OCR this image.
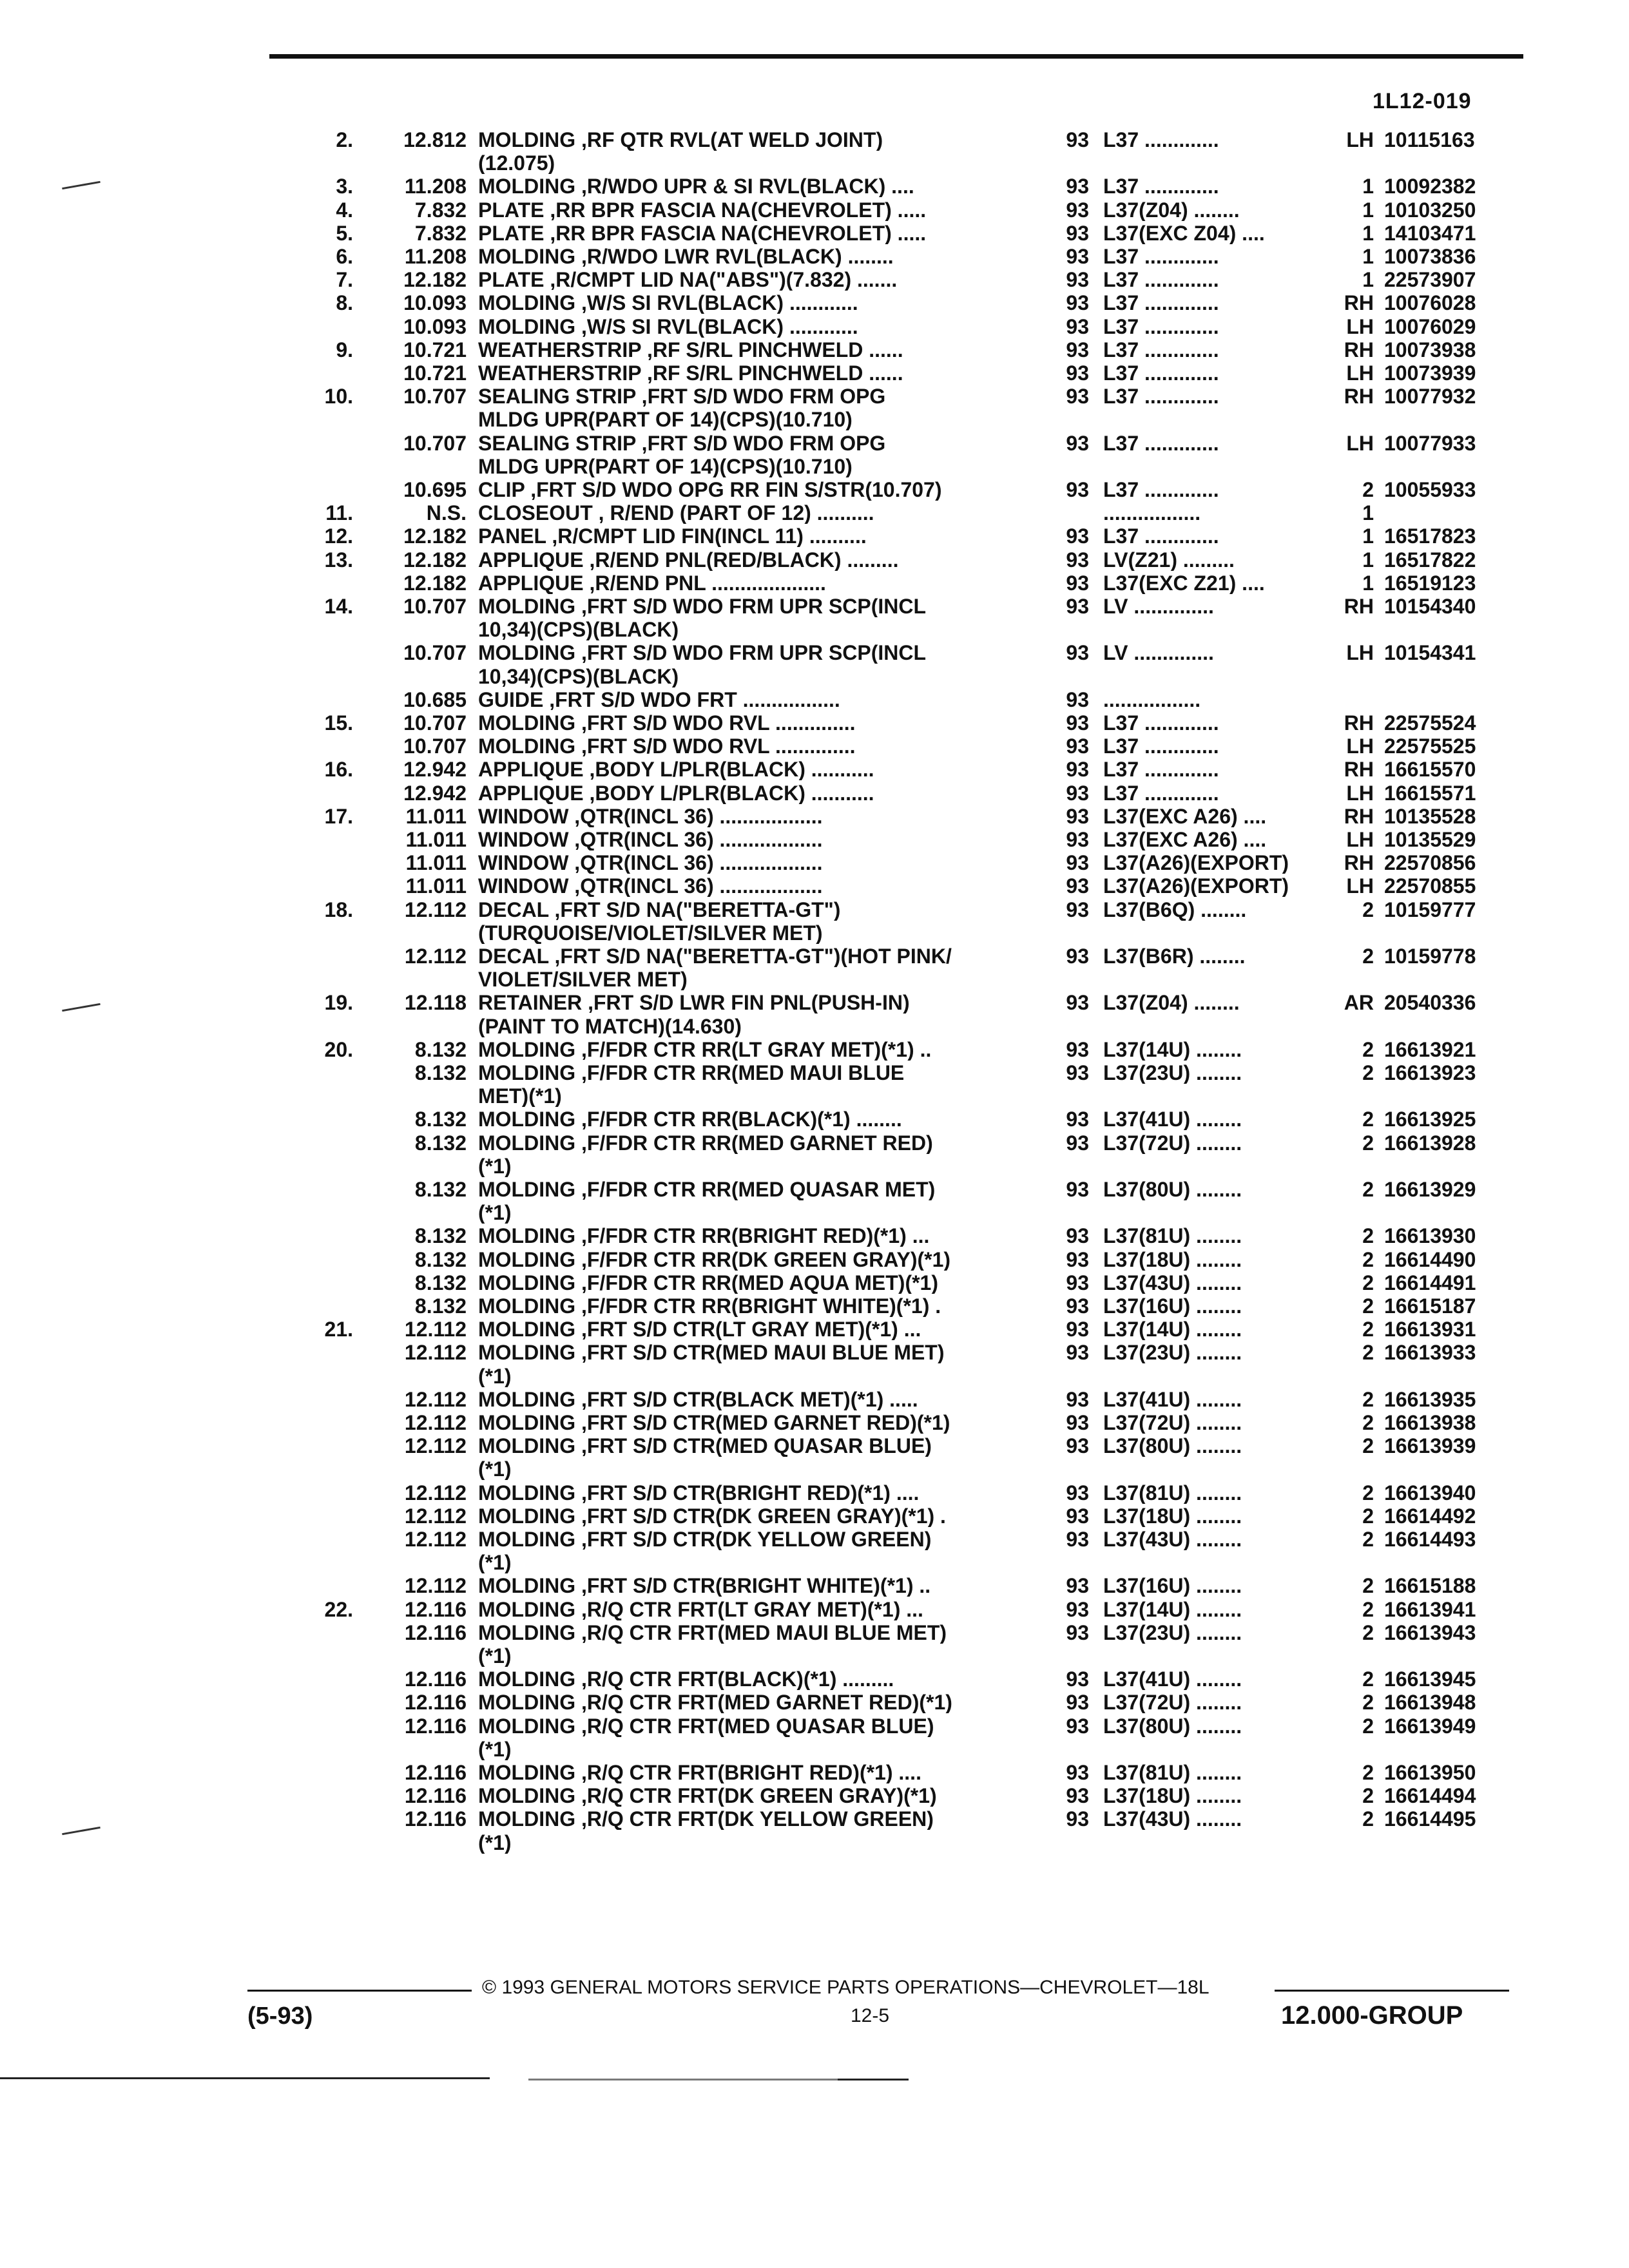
1L12-019
2.	12.812 MOLDING ,RF QTR RVL(AT WELD JOINT)	93 L37 .............	LH 10115163
(12.075)
3.	11.208 MOLDING ,R/WDO UPR & SI RVL(BLACK) ....	93 L37 .............	1 10092382
4.	7.832 PLATE ,RR BPR FASCIA NA(CHEVROLET) .....	93 L37(Z04) ........	1 10103250
5.	7.832 PLATE ,RR BPR FASCIA NA(CHEVROLET) .....	93 L37(EXC Z04) ....	1 14103471
6.	11.208 MOLDING ,R/WDO LWR RVL(BLACK) ........	93 L37 .............	1 10073836
7.	12.182 PLATE ,R/CMPT LID NA("ABS")(7.832) .......	93 L37 .............	1 22573907
8.	10.093 MOLDING ,W/S SI RVL(BLACK) ............	93 L37 .............	RH 10076028
10.093 MOLDING ,W/S SI RVL(BLACK) ............	93 L37 .............	LH 10076029
9.	10.721 WEATHERSTRIP ,RF S/RL PINCHWELD ......	93 L37 .............	RH 10073938
10.721 WEATHERSTRIP ,RF S/RL PINCHWELD ......	93 L37 .............	LH 10073939
10.	10.707 SEALING STRIP ,FRT S/D WDO FRM OPG	93 L37 .............	RH 10077932
MLDG UPR(PART OF 14)(CPS)(10.710)
10.707 SEALING STRIP ,FRT S/D WDO FRM OPG	93 L37 .............	LH 10077933
MLDG UPR(PART OF 14)(CPS)(10.710)
10.695 CLIP ,FRT S/D WDO OPG RR FIN S/STR(10.707)	93 L37 .............	2 10055933
11.	N.S. CLOSEOUT , R/END (PART OF 12) ..........	.................	1
12.	12.182 PANEL ,R/CMPT LID FIN(INCL 11) ..........	93 L37 .............	1 16517823
13.	12.182 APPLIQUE ,R/END PNL(RED/BLACK) .........	93 LV(Z21) .........	1 16517822
12.182 APPLIQUE ,R/END PNL ....................	93 L37(EXC Z21) ....	1 16519123
14.	10.707 MOLDING ,FRT S/D WDO FRM UPR SCP(INCL	93 LV ..............	RH 10154340
10,34)(CPS)(BLACK)
10.707 MOLDING ,FRT S/D WDO FRM UPR SCP(INCL	93 LV ..............	LH 10154341
10,34)(CPS)(BLACK)
10.685 GUIDE ,FRT S/D WDO FRT .................	93 .................
15.	10.707 MOLDING ,FRT S/D WDO RVL ..............	93 L37 .............	RH 22575524
10.707 MOLDING ,FRT S/D WDO RVL ..............	93 L37 .............	LH 22575525
16.	12.942 APPLIQUE ,BODY L/PLR(BLACK) ...........	93 L37 .............	RH 16615570
12.942 APPLIQUE ,BODY L/PLR(BLACK) ...........	93 L37 .............	LH 16615571
17.	11.011 WINDOW ,QTR(INCL 36) ..................	93 L37(EXC A26) ....	RH 10135528
11.011 WINDOW ,QTR(INCL 36) ..................	93 L37(EXC A26) ....	LH 10135529
11.011 WINDOW ,QTR(INCL 36) ..................	93 L37(A26)(EXPORT)	RH 22570856
11.011 WINDOW ,QTR(INCL 36) ..................	93 L37(A26)(EXPORT)	LH 22570855
18.	12.112 DECAL ,FRT S/D NA("BERETTA-GT")	93 L37(B6Q) ........	2 10159777
(TURQUOISE/VIOLET/SILVER MET)
12.112 DECAL ,FRT S/D NA("BERETTA-GT")(HOT PINK/	93 L37(B6R) ........	2 10159778
VIOLET/SILVER MET)
19.	12.118 RETAINER ,FRT S/D LWR FIN PNL(PUSH-IN)	93 L37(Z04) ........	AR 20540336
(PAINT TO MATCH)(14.630)
20.	8.132 MOLDING ,F/FDR CTR RR(LT GRAY MET)(*1) ..	93 L37(14U) ........	2 16613921
8.132 MOLDING ,F/FDR CTR RR(MED MAUI BLUE	93 L37(23U) ........	2 16613923
MET)(*1)
8.132 MOLDING ,F/FDR CTR RR(BLACK)(*1) ........	93 L37(41U) ........	2 16613925
8.132 MOLDING ,F/FDR CTR RR(MED GARNET RED)	93 L37(72U) ........	2 16613928
(*1)
8.132 MOLDING ,F/FDR CTR RR(MED QUASAR MET)	93 L37(80U) ........	2 16613929
(*1)
8.132 MOLDING ,F/FDR CTR RR(BRIGHT RED)(*1) ...	93 L37(81U) ........	2 16613930
8.132 MOLDING ,F/FDR CTR RR(DK GREEN GRAY)(*1)	93 L37(18U) ........	2 16614490
8.132 MOLDING ,F/FDR CTR RR(MED AQUA MET)(*1)	93 L37(43U) ........	2 16614491
8.132 MOLDING ,F/FDR CTR RR(BRIGHT WHITE)(*1) .	93 L37(16U) ........	2 16615187
21.	12.112 MOLDING ,FRT S/D CTR(LT GRAY MET)(*1) ...	93 L37(14U) ........	2 16613931
12.112 MOLDING ,FRT S/D CTR(MED MAUI BLUE MET)	93 L37(23U) ........	2 16613933
(*1)
12.112 MOLDING ,FRT S/D CTR(BLACK MET)(*1) .....	93 L37(41U) ........	2 16613935
12.112 MOLDING ,FRT S/D CTR(MED GARNET RED)(*1)	93 L37(72U) ........	2 16613938
12.112 MOLDING ,FRT S/D CTR(MED QUASAR BLUE)	93 L37(80U) ........	2 16613939
(*1)
12.112 MOLDING ,FRT S/D CTR(BRIGHT RED)(*1) ....	93 L37(81U) ........	2 16613940
12.112 MOLDING ,FRT S/D CTR(DK GREEN GRAY)(*1) .	93 L37(18U) ........	2 16614492
12.112 MOLDING ,FRT S/D CTR(DK YELLOW GREEN)	93 L37(43U) ........	2 16614493
(*1)
12.112 MOLDING ,FRT S/D CTR(BRIGHT WHITE)(*1) ..	93 L37(16U) ........	2 16615188
22.	12.116 MOLDING ,R/Q CTR FRT(LT GRAY MET)(*1) ...	93 L37(14U) ........	2 16613941
12.116 MOLDING ,R/Q CTR FRT(MED MAUI BLUE MET)	93 L37(23U) ........	2 16613943
(*1)
12.116 MOLDING ,R/Q CTR FRT(BLACK)(*1) .........	93 L37(41U) ........	2 16613945
12.116 MOLDING ,R/Q CTR FRT(MED GARNET RED)(*1)	93 L37(72U) ........	2 16613948
12.116 MOLDING ,R/Q CTR FRT(MED QUASAR BLUE)	93 L37(80U) ........	2 16613949
(*1)
12.116 MOLDING ,R/Q CTR FRT(BRIGHT RED)(*1) ....	93 L37(81U) ........	2 16613950
12.116 MOLDING ,R/Q CTR FRT(DK GREEN GRAY)(*1)	93 L37(18U) ........	2 16614494
12.116 MOLDING ,R/Q CTR FRT(DK YELLOW GREEN)	93 L37(43U) ........	2 16614495
(*1)
© 1993 GENERAL MOTORS SERVICE PARTS OPERATIONS—CHEVROLET—18L
(5-93)	12-5	12.000-GROUP
